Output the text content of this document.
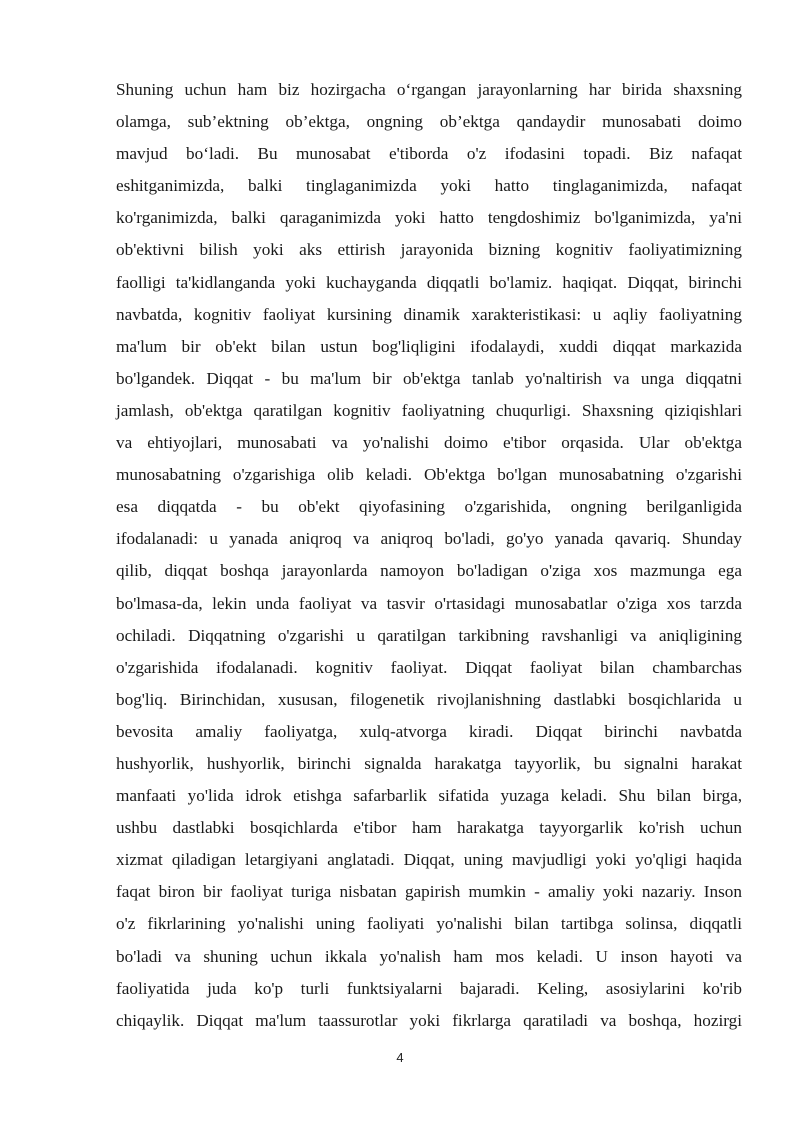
Shuning uchun ham biz hozirgacha o‘rgangan jarayonlarning har birida shaxsning
olamga, sub’ektning ob’ektga, ongning ob’ektga qandaydir munosabati doimo
mavjud bo‘ladi. Bu munosabat e'tiborda o'z ifodasini topadi. Biz nafaqat
eshitganimizda, balki tinglaganimizda yoki hatto tinglaganimizda, nafaqat
ko'rganimizda, balki qaraganimizda yoki hatto tengdoshimiz bo'lganimizda, ya'ni
ob'ektivni bilish yoki aks ettirish jarayonida bizning kognitiv faoliyatimizning
faolligi ta'kidlanganda yoki kuchayganda diqqatli bo'lamiz. haqiqat. Diqqat, birinchi
navbatda, kognitiv faoliyat kursining dinamik xarakteristikasi: u aqliy faoliyatning
ma'lum bir ob'ekt bilan ustun bog'liqligini ifodalaydi, xuddi diqqat markazida
bo'lgandek. Diqqat - bu ma'lum bir ob'ektga tanlab yo'naltirish va unga diqqatni
jamlash, ob'ektga qaratilgan kognitiv faoliyatning chuqurligi. Shaxsning qiziqishlari
va ehtiyojlari, munosabati va yo'nalishi doimo e'tibor orqasida. Ular ob'ektga
munosabatning o'zgarishiga olib keladi. Ob'ektga bo'lgan munosabatning o'zgarishi
esa diqqatda - bu ob'ekt qiyofasining o'zgarishida, ongning berilganligida
ifodalanadi: u yanada aniqroq va aniqroq bo'ladi, go'yo yanada qavariq. Shunday
qilib, diqqat boshqa jarayonlarda namoyon bo'ladigan o'ziga xos mazmunga ega
bo'lmasa-da, lekin unda faoliyat va tasvir o'rtasidagi munosabatlar o'ziga xos tarzda
ochiladi. Diqqatning o'zgarishi u qaratilgan tarkibning ravshanligi va aniqligining
o'zgarishida ifodalanadi. kognitiv faoliyat. Diqqat faoliyat bilan chambarchas
bog'liq. Birinchidan, xususan, filogenetik rivojlanishning dastlabki bosqichlarida u
bevosita amaliy faoliyatga, xulq-atvorga kiradi. Diqqat birinchi navbatda
hushyorlik, hushyorlik, birinchi signalda harakatga tayyorlik, bu signalni harakat
manfaati yo'lida idrok etishga safarbarlik sifatida yuzaga keladi. Shu bilan birga,
ushbu dastlabki bosqichlarda e'tibor ham harakatga tayyorgarlik ko'rish uchun
xizmat qiladigan letargiyani anglatadi. Diqqat, uning mavjudligi yoki yo'qligi haqida
faqat biron bir faoliyat turiga nisbatan gapirish mumkin - amaliy yoki nazariy. Inson
o'z fikrlarining yo'nalishi uning faoliyati yo'nalishi bilan tartibga solinsa, diqqatli
bo'ladi va shuning uchun ikkala yo'nalish ham mos keladi. U inson hayoti va
faoliyatida juda ko'p turli funktsiyalarni bajaradi. Keling, asosiylarini ko'rib
chiqaylik. Diqqat ma'lum taassurotlar yoki fikrlarga qaratiladi va boshqa, hozirgi
4
